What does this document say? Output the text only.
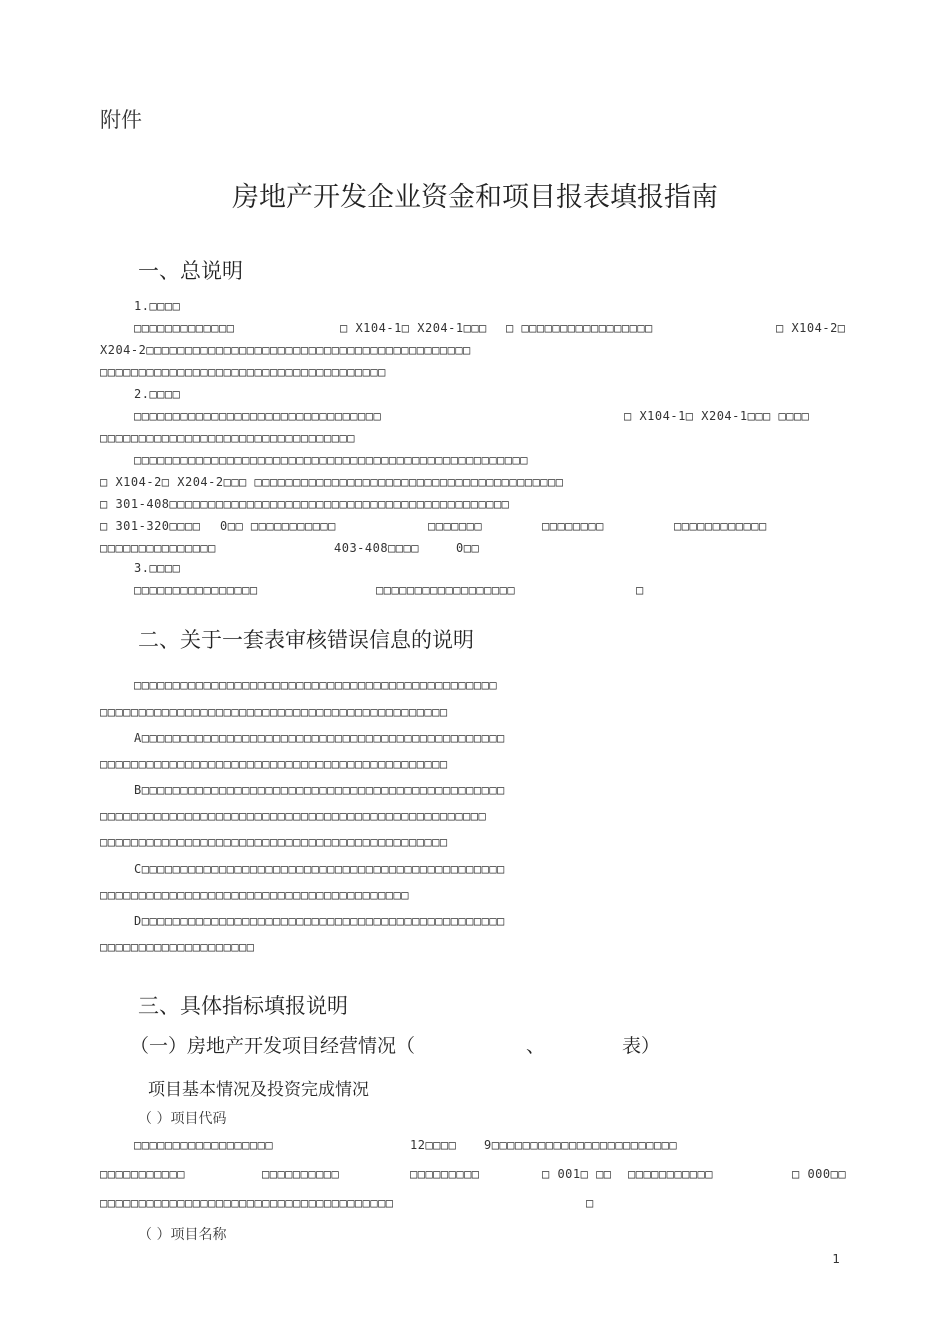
附件
房地产开发企业资金和项目报表填报指南
一、总说明
1.□□□□
□□□□□□□□□□□□□	□ X104-1□ X204-1□□□ □ □□□□□□□□□□□□□□□□□	□ X104-2□
X204-2□□□□□□□□□□□□□□□□□□□□□□□□□□□□□□□□□□□□□□□□□□
□□□□□□□□□□□□□□□□□□□□□□□□□□□□□□□□□□□□□
2.□□□□
□□□□□□□□□□□□□□□□□□□□□□□□□□□□□□□□	□ X104-1□ X204-1□□□ □□□□
□□□□□□□□□□□□□□□□□□□□□□□□□□□□□□□□□
□□□□□□□□□□□□□□□□□□□□□□□□□□□□□□□□□□□□□□□□□□□□□□□□□□□
□ X104-2□ X204-2□□□ □□□□□□□□□□□□□□□□□□□□□□□□□□□□□□□□□□□□□□□□
□ 301-408□□□□□□□□□□□□□□□□□□□□□□□□□□□□□□□□□□□□□□□□□□□□
□ 301-320□□□□ 0□□ □□□□□□□□□□□	□□□□□□□	□□□□□□□□	□□□□□□□□□□□□
□□□□□□□□□□□□□□□	403-408□□□□	0□□
3.□□□□
□□□□□□□□□□□□□□□□	□□□□□□□□□□□□□□□□□□	□
二、关于一套表审核错误信息的说明
□□□□□□□□□□□□□□□□□□□□□□□□□□□□□□□□□□□□□□□□□□□□□□□
□□□□□□□□□□□□□□□□□□□□□□□□□□□□□□□□□□□□□□□□□□□□□
A□□□□□□□□□□□□□□□□□□□□□□□□□□□□□□□□□□□□□□□□□□□□□□□
□□□□□□□□□□□□□□□□□□□□□□□□□□□□□□□□□□□□□□□□□□□□□
B□□□□□□□□□□□□□□□□□□□□□□□□□□□□□□□□□□□□□□□□□□□□□□□
□□□□□□□□□□□□□□□□□□□□□□□□□□□□□□□□□□□□□□□□□□□□□□□□□□
□□□□□□□□□□□□□□□□□□□□□□□□□□□□□□□□□□□□□□□□□□□□□
C□□□□□□□□□□□□□□□□□□□□□□□□□□□□□□□□□□□□□□□□□□□□□□□
□□□□□□□□□□□□□□□□□□□□□□□□□□□□□□□□□□□□□□□□
D□□□□□□□□□□□□□□□□□□□□□□□□□□□□□□□□□□□□□□□□□□□□□□□
□□□□□□□□□□□□□□□□□□□□
三、具体指标填报说明
（一）房地产开发项目经营情况（	、	表）
项目基本情况及投资完成情况
（ ）项目代码
□□□□□□□□□□□□□□□□□□	12□□□□ 9□□□□□□□□□□□□□□□□□□□□□□□□
□□□□□□□□□□□	□□□□□□□□□□	□□□□□□□□□	□ 001□ □□ □□□□□□□□□□□	□ 000□□
□□□□□□□□□□□□□□□□□□□□□□□□□□□□□□□□□□□□□□	□
（ ）项目名称
1
